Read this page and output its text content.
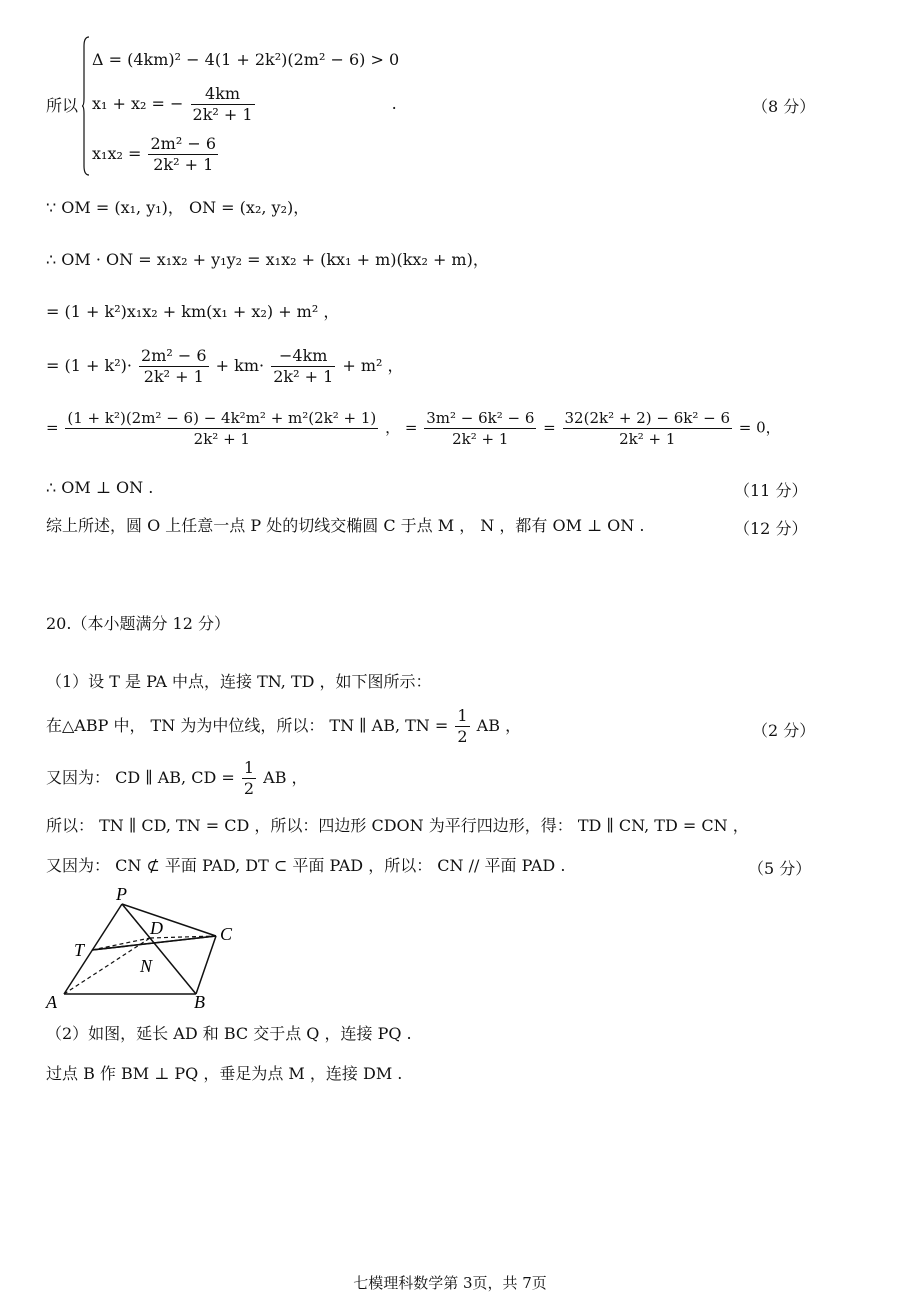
所以
Δ = (4km)² − 4(1 + 2k²)(2m² − 6) > 0
x₁ + x₂ = − $\frac{4km}{\text{2k² + 1}}$	.
$x_1x_2 = \frac{\text{2m² − 6}}{\text{2k² + 1}}$
（8 分）
∵ OM = (x₁, y₁)， ON = (x₂, y₂)，
∴ OM · ON = x₁x₂ + y₁y₂ = x₁x₂ + (kx₁ + m)(kx₂ + m)，
= (1 + k²)x₁x₂ + km(x₁ + x₂) + m² ，
= $(1 + k^2)\cdot \frac{\text{2m² − 6}}{\text{2k² + 1}} + km\cdot \frac{-4km}{\text{2k² + 1}} + m^2$ ，
= $\frac{\text{(1 + k²)(2m² − 6) − 4k²m² + m²(2k² + 1)}}{\text{2k² + 1}}$ ， = $\frac{\text{3m² − 6k² − 6}}{\text{2k² + 1}} = \frac{\text{32(2k² + 2) − 6k² − 6}}{\text{2k² + 1}} = 0$，
∴ OM ⊥ ON .	（11 分）
综上所述，圆 O 上任意一点 P 处的切线交椭圆 C 于点 M ， N ，都有 OM ⊥ ON .	（12 分）
20.（本小题满分 12 分）
（1）设 T 是 PA 中点，连接 TN, TD ，如下图所示：
在△ABP 中， TN 为为中位线，所以： TN ∥ AB, TN = $\frac{1}{2}$ AB ，	（2 分）
又因为： CD ∥ AB, CD = $\frac{1}{2}$ AB ，
所以： TN ∥ CD, TN = CD ，所以：四边形 CDON 为平行四边形，得： TD ∥ CN, TD = CN ，
又因为： CN ⊄ 平面 PAD, DT ⊂ 平面 PAD ，所以： CN // 平面 PAD .	（5 分）
P
D	C
T
N
A	B
（2）如图，延长 AD 和 BC 交于点 Q ，连接 PQ .
过点 B 作 BM ⊥ PQ ，垂足为点 M ，连接 DM .
七模理科数学第 3页，共 7页
